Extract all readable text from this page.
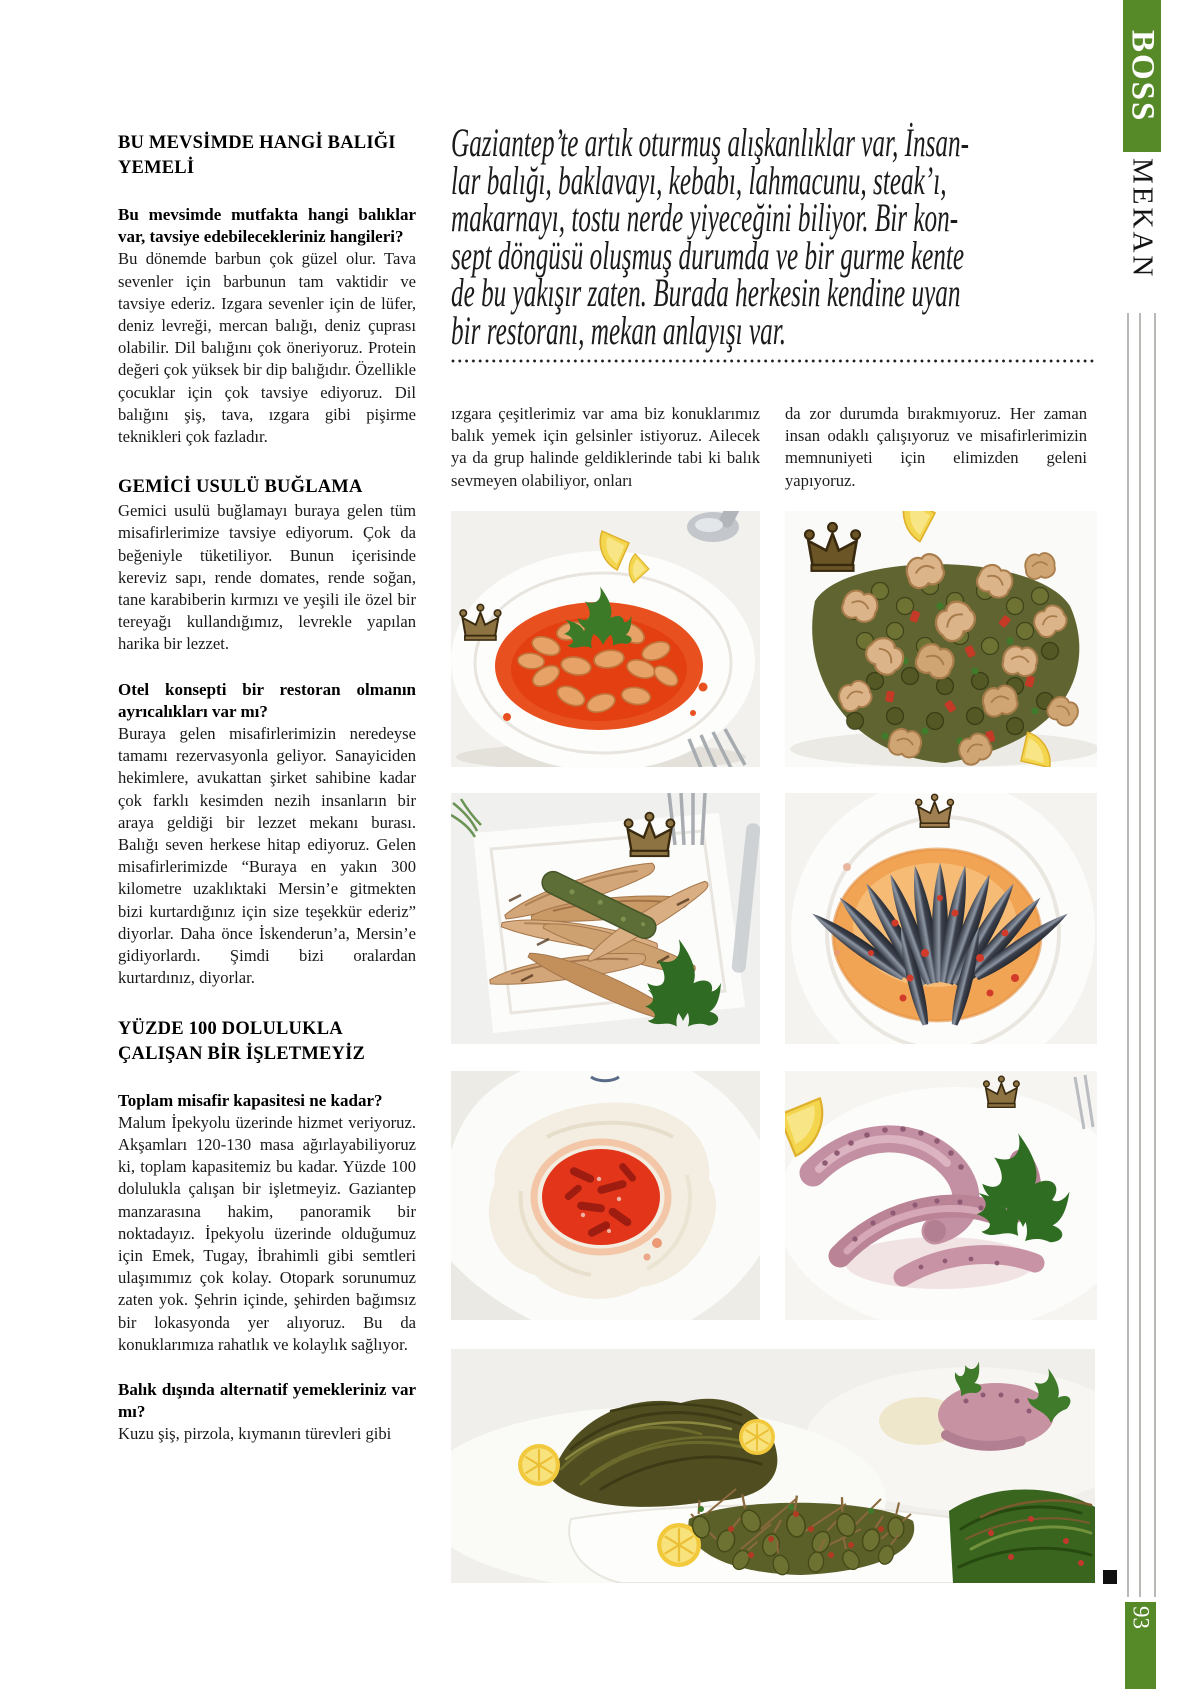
BU MEVSİMDE HANGİ BALIĞI YEMELİ

Bu mevsimde mutfakta hangi balıklar var, tavsiye edebilecekleriniz hangileri?

Bu dönemde barbun çok güzel olur. Tava sevenler için barbunun tam vaktidir ve tavsiye ederiz. Izgara sevenler için de lüfer, deniz levreği, mercan balığı, deniz çuprası olabilir. Dil balığını çok öneriyoruz. Protein değeri çok yüksek bir dip balığıdır. Özellikle çocuklar için çok tavsiye ediyoruz. Dil balığını şiş, tava, ızgara gibi pişirme teknikleri çok fazladır.

GEMİCİ USULÜ BUĞLAMA

Gemici usulü buğlamayı buraya gelen tüm misafirlerimize tavsiye ediyorum. Çok da beğeniyle tüketiliyor. Bunun içerisinde kereviz sapı, rende domates, rende soğan, tane karabiberin kırmızı ve yeşili ile özel bir tereyağı kullandığımız, levrekle yapılan harika bir lezzet.

Otel konsepti bir restoran olmanın ayrıcalıkları var mı?

Buraya gelen misafirlerimizin neredeyse tamamı rezervasyonla geliyor. Sanayiciden hekimlere, avukattan şirket sahibine kadar çok farklı kesimden nezih insanların bir araya geldiği bir lezzet mekanı burası. Balığı seven herkese hitap ediyoruz. Gelen misafirlerimizde “Buraya en yakın 300 kilometre uzaklıktaki Mersin’e gitmekten bizi kurtardığınız için size teşekkür ederiz” diyorlar. Daha önce İskenderun’a, Mersin’e gidiyorlardı. Şimdi bizi oralardan kurtardınız, diyorlar.

YÜZDE 100 DOLULUKLA ÇALIŞAN BİR İŞLETMEYİZ

Toplam misafir kapasitesi ne kadar?

Malum İpekyolu üzerinde hizmet veriyoruz. Akşamları 120-130 masa ağırlayabiliyoruz ki, toplam kapasitemiz bu kadar. Yüzde 100 dolulukla çalışan bir işletmeyiz. Gaziantep manzarasına hakim, panoramik bir noktadayız. İpekyolu üzerinde olduğumuz için Emek, Tugay, İbrahimli gibi semtleri ulaşımımız çok kolay. Otopark sorunumuz zaten yok. Şehrin içinde, şehirden bağımsız bir lokasyonda yer alıyoruz. Bu da konuklarımıza rahatlık ve kolaylık sağlıyor.

Balık dışında alternatif yemekleriniz var mı?

Kuzu şiş, pirzola, kıymanın türevleri gibi

Gaziantep’te artık oturmuş alışkanlıklar var, İnsan-
lar balığı, baklavayı, kebabı, lahmacunu, steak’ı,
makarnayı, tostu nerde yiyeceğini biliyor. Bir kon-
sept döngüsü oluşmuş durumda ve bir gurme kente
de bu yakışır zaten. Burada herkesin kendine uyan
bir restoranı, mekan anlayışı var.

ızgara çeşitlerimiz var ama biz konuklarımız balık yemek için gelsinler istiyoruz. Ailecek ya da grup halinde geldiklerinde tabi ki balık sevmeyen olabiliyor, onları

da zor durumda bırakmıyoruz. Her zaman insan odaklı çalışıyoruz ve misafirlerimizin memnuniyeti için elimizden geleni yapıyoruz.

BOSS
MEKAN
93
